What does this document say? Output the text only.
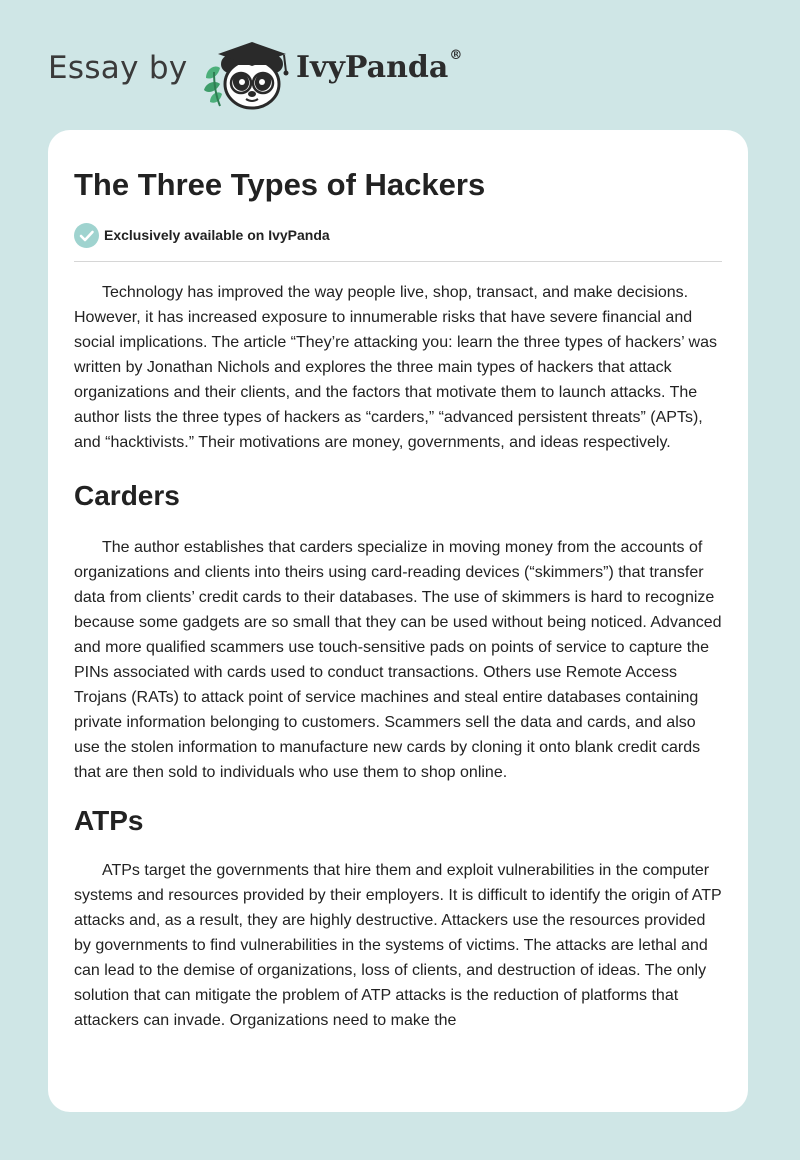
Essay by	IvyPanda®
The Three Types of Hackers
Exclusively available on IvyPanda

Technology has improved the way people live, shop, transact, and make decisions. However, it has increased exposure to innumerable risks that have severe financial and social implications. The article “They’re attacking you: learn the three types of hackers’ was written by Jonathan Nichols and explores the three main types of hackers that attack organizations and their clients, and the factors that motivate them to launch attacks. The author lists the three types of hackers as “carders,” “advanced persistent threats” (APTs), and “hacktivists.” Their motivations are money, governments, and ideas respectively.

Carders

The author establishes that carders specialize in moving money from the accounts of organizations and clients into theirs using card-reading devices (“skimmers”) that transfer data from clients’ credit cards to their databases. The use of skimmers is hard to recognize because some gadgets are so small that they can be used without being noticed. Advanced and more qualified scammers use touch-sensitive pads on points of service to capture the PINs associated with cards used to conduct transactions. Others use Remote Access Trojans (RATs) to attack point of service machines and steal entire databases containing private information belonging to customers. Scammers sell the data and cards, and also use the stolen information to manufacture new cards by cloning it onto blank credit cards that are then sold to individuals who use them to shop online.

ATPs

ATPs target the governments that hire them and exploit vulnerabilities in the computer systems and resources provided by their employers. It is difficult to identify the origin of ATP attacks and, as a result, they are highly destructive. Attackers use the resources provided by governments to find vulnerabilities in the systems of victims. The attacks are lethal and can lead to the demise of organizations, loss of clients, and destruction of ideas. The only solution that can mitigate the problem of ATP attacks is the reduction of platforms that attackers can invade. Organizations need to make the
